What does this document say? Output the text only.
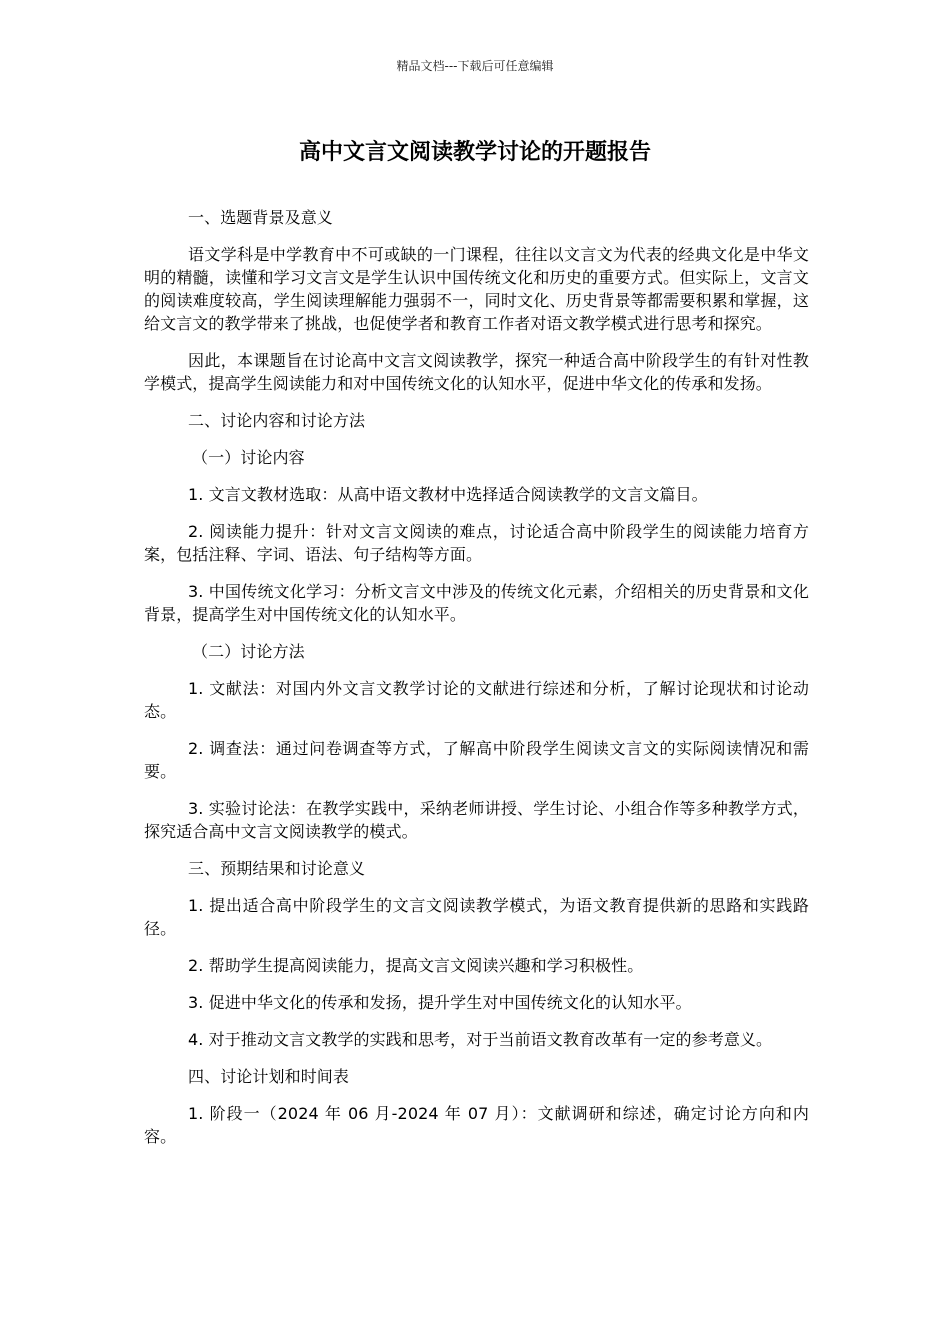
精品文档---下载后可任意编辑
高中文言文阅读教学讨论的开题报告

一、选题背景及意义

语文学科是中学教育中不可或缺的一门课程，往往以文言文为代表的经典文化是中华文明的精髓，读懂和学习文言文是学生认识中国传统文化和历史的重要方式。但实际上，文言文的阅读难度较高，学生阅读理解能力强弱不一，同时文化、历史背景等都需要积累和掌握，这给文言文的教学带来了挑战，也促使学者和教育工作者对语文教学模式进行思考和探究。

因此，本课题旨在讨论高中文言文阅读教学，探究一种适合高中阶段学生的有针对性教学模式，提高学生阅读能力和对中国传统文化的认知水平，促进中华文化的传承和发扬。

二、讨论内容和讨论方法

（一）讨论内容

1. 文言文教材选取：从高中语文教材中选择适合阅读教学的文言文篇目。

2. 阅读能力提升：针对文言文阅读的难点，讨论适合高中阶段学生的阅读能力培育方案，包括注释、字词、语法、句子结构等方面。

3. 中国传统文化学习：分析文言文中涉及的传统文化元素，介绍相关的历史背景和文化背景，提高学生对中国传统文化的认知水平。

（二）讨论方法

1. 文献法：对国内外文言文教学讨论的文献进行综述和分析，了解讨论现状和讨论动态。

2. 调查法：通过问卷调查等方式，了解高中阶段学生阅读文言文的实际阅读情况和需要。

3. 实验讨论法：在教学实践中，采纳老师讲授、学生讨论、小组合作等多种教学方式，探究适合高中文言文阅读教学的模式。

三、预期结果和讨论意义

1. 提出适合高中阶段学生的文言文阅读教学模式，为语文教育提供新的思路和实践路径。

2. 帮助学生提高阅读能力，提高文言文阅读兴趣和学习积极性。

3. 促进中华文化的传承和发扬，提升学生对中国传统文化的认知水平。

4. 对于推动文言文教学的实践和思考，对于当前语文教育改革有一定的参考意义。

四、讨论计划和时间表

1. 阶段一（2024 年 06 月-2024 年 07 月）：文献调研和综述，确定讨论方向和内容。
